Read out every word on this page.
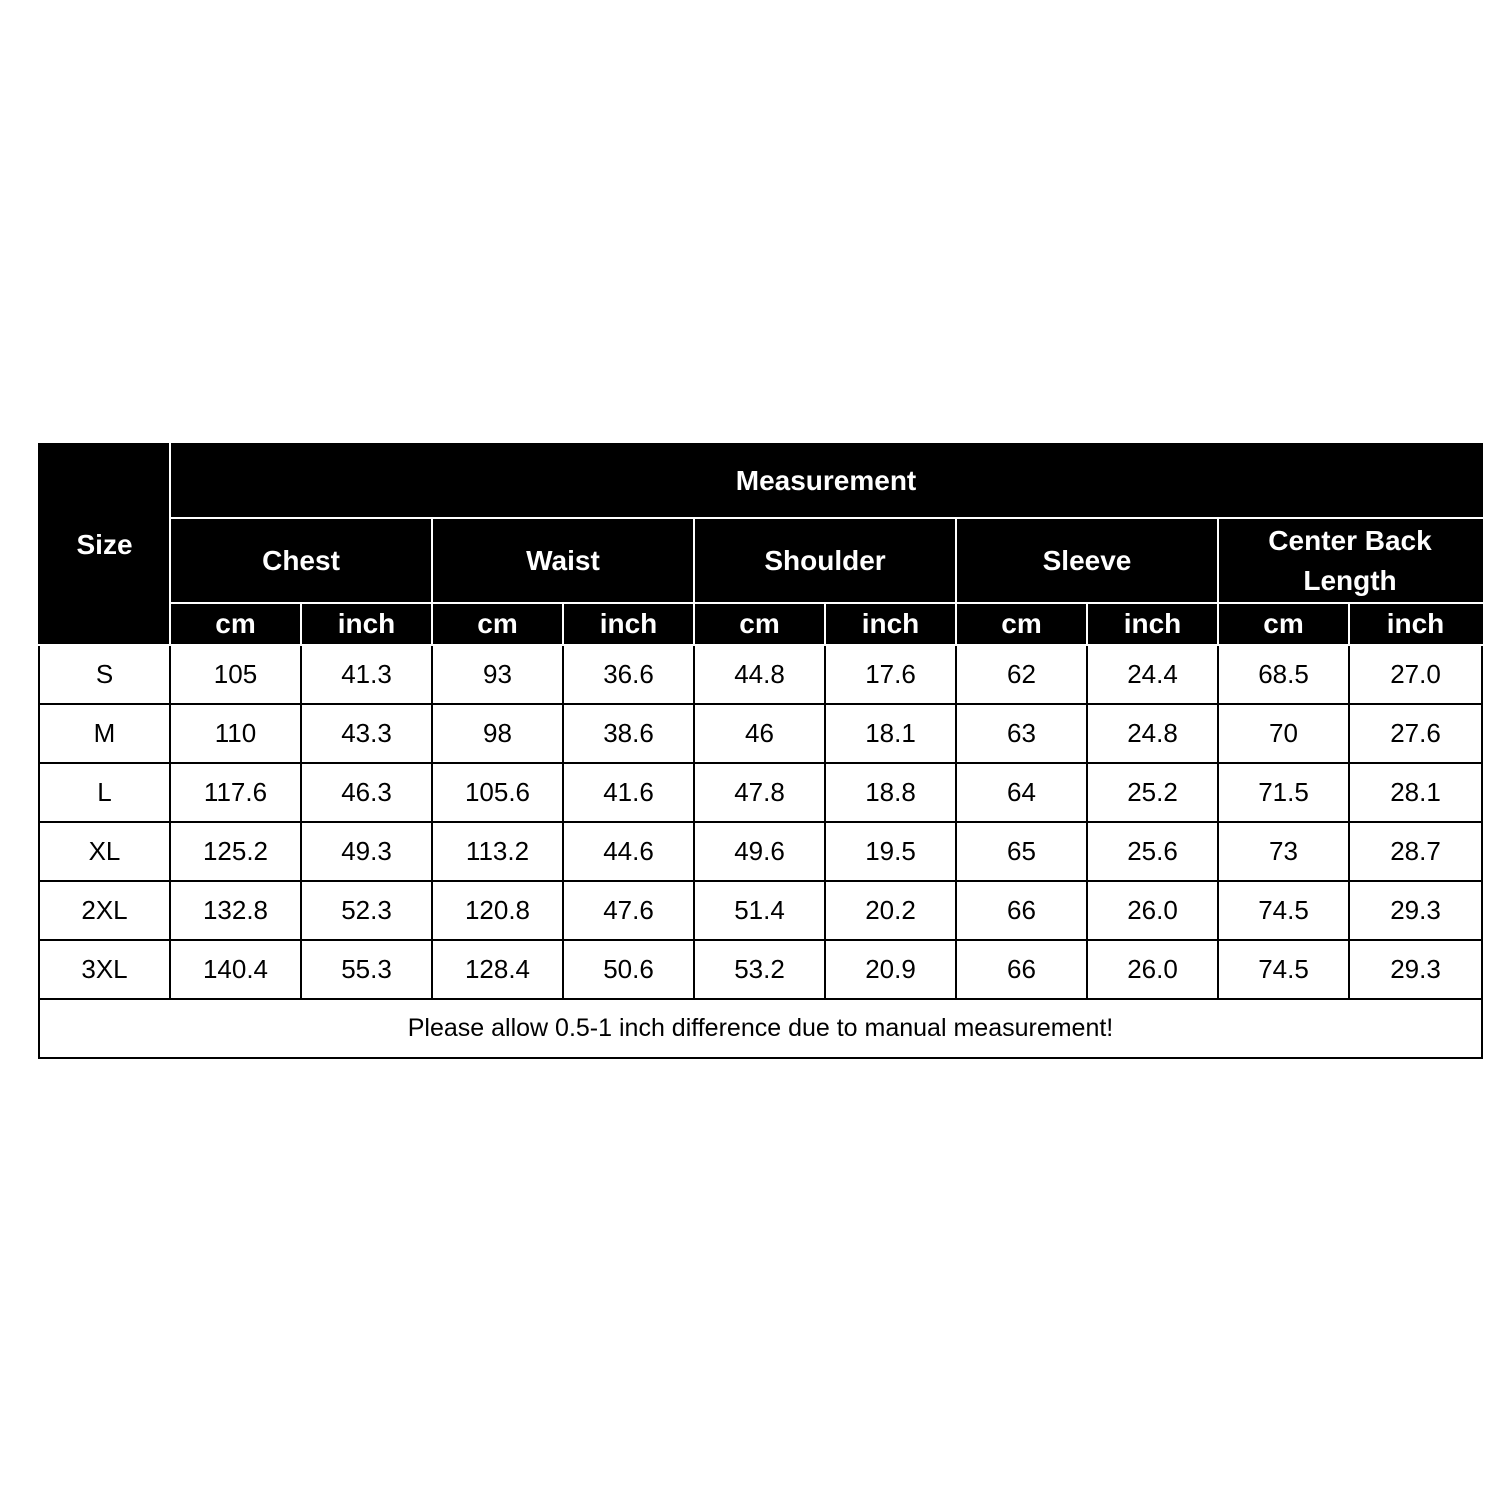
Size	Measurement									
	Chest		Waist		Shoulder		Sleeve		Center Back Length	
	cm	inch	cm	inch	cm	inch	cm	inch	cm	inch
S	105	41.3	93	36.6	44.8	17.6	62	24.4	68.5	27.0
M	110	43.3	98	38.6	46	18.1	63	24.8	70	27.6
L	117.6	46.3	105.6	41.6	47.8	18.8	64	25.2	71.5	28.1
XL	125.2	49.3	113.2	44.6	49.6	19.5	65	25.6	73	28.7
2XL	132.8	52.3	120.8	47.6	51.4	20.2	66	26.0	74.5	29.3
3XL	140.4	55.3	128.4	50.6	53.2	20.9	66	26.0	74.5	29.3
Please allow 0.5-1 inch difference due to manual measurement!										
